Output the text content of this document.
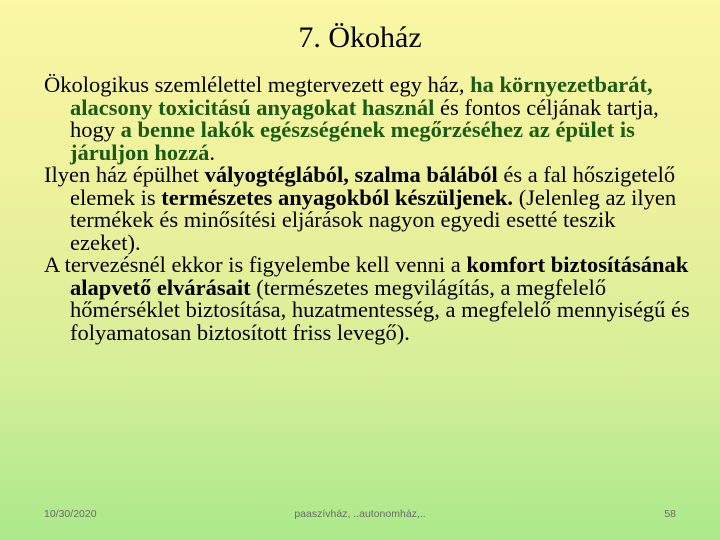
7. Ökoház

Ökologikus szemlélettel megtervezett egy ház, ha környezetbarát, alacsony toxicitású anyagokat használ és fontos céljának tartja, hogy a benne lakók egészségének megőrzéséhez az épület is járuljon hozzá.

Ilyen ház épülhet vályogtéglából, szalma bálából és a fal hőszigetelő elemek is természetes anyagokból készüljenek. (Jelenleg az ilyen termékek és minősítési eljárások nagyon egyedi esetté teszik ezeket).

A tervezésnél ekkor is figyelembe kell venni a komfort biztosításának alapvető elvárásait (természetes megvilágítás, a megfelelő hőmérséklet biztosítása, huzatmentesség, a megfelelő mennyiségű és folyamatosan biztosított friss levegő).

10/30/2020	paaszívház, ..autonomház,..	58
